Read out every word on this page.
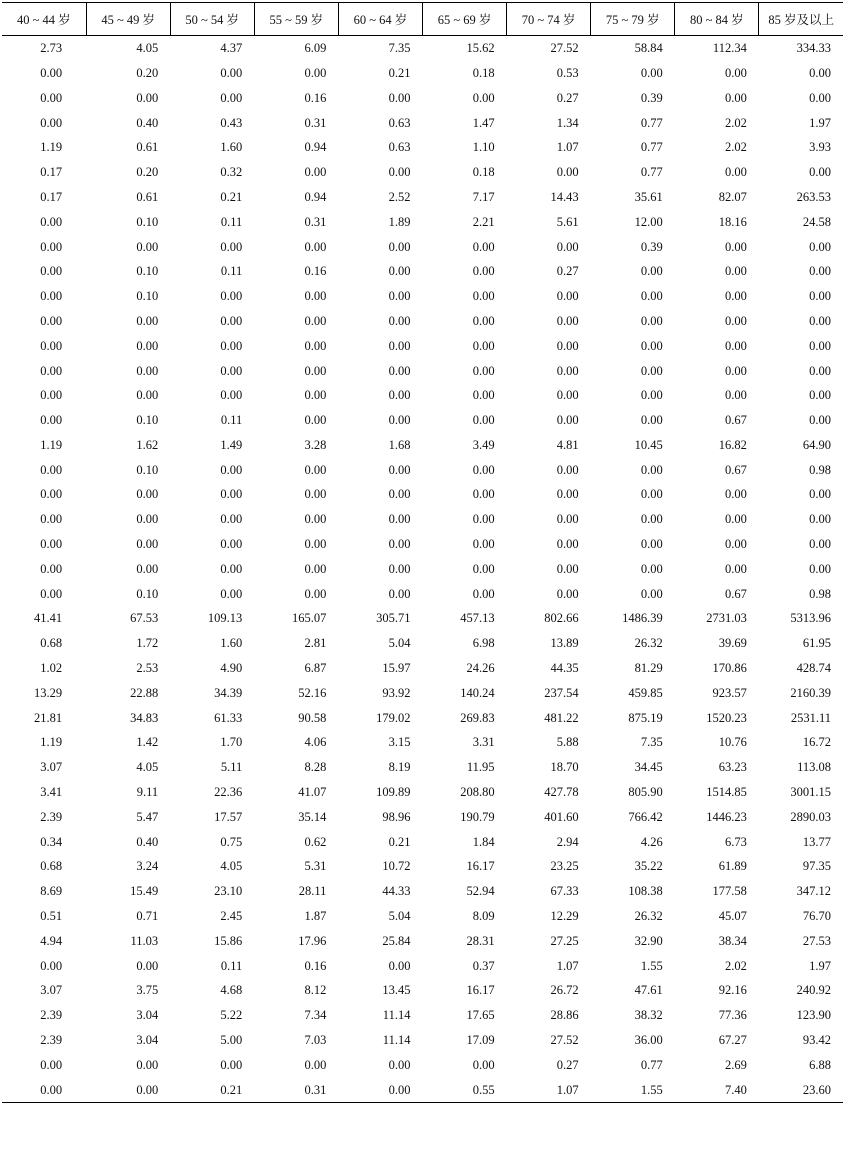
40 ~ 44 岁	45 ~ 49 岁	50 ~ 54 岁	55 ~ 59 岁	60 ~ 64 岁	65 ~ 69 岁	70 ~ 74 岁	75 ~ 79 岁	80 ~ 84 岁	85 岁及以上
2.73	4.05	4.37	6.09	7.35	15.62	27.52	58.84	112.34	334.33
0.00	0.20	0.00	0.00	0.21	0.18	0.53	0.00	0.00	0.00
0.00	0.00	0.00	0.16	0.00	0.00	0.27	0.39	0.00	0.00
0.00	0.40	0.43	0.31	0.63	1.47	1.34	0.77	2.02	1.97
1.19	0.61	1.60	0.94	0.63	1.10	1.07	0.77	2.02	3.93
0.17	0.20	0.32	0.00	0.00	0.18	0.00	0.77	0.00	0.00
0.17	0.61	0.21	0.94	2.52	7.17	14.43	35.61	82.07	263.53
0.00	0.10	0.11	0.31	1.89	2.21	5.61	12.00	18.16	24.58
0.00	0.00	0.00	0.00	0.00	0.00	0.00	0.39	0.00	0.00
0.00	0.10	0.11	0.16	0.00	0.00	0.27	0.00	0.00	0.00
0.00	0.10	0.00	0.00	0.00	0.00	0.00	0.00	0.00	0.00
0.00	0.00	0.00	0.00	0.00	0.00	0.00	0.00	0.00	0.00
0.00	0.00	0.00	0.00	0.00	0.00	0.00	0.00	0.00	0.00
0.00	0.00	0.00	0.00	0.00	0.00	0.00	0.00	0.00	0.00
0.00	0.00	0.00	0.00	0.00	0.00	0.00	0.00	0.00	0.00
0.00	0.10	0.11	0.00	0.00	0.00	0.00	0.00	0.67	0.00
1.19	1.62	1.49	3.28	1.68	3.49	4.81	10.45	16.82	64.90
0.00	0.10	0.00	0.00	0.00	0.00	0.00	0.00	0.67	0.98
0.00	0.00	0.00	0.00	0.00	0.00	0.00	0.00	0.00	0.00
0.00	0.00	0.00	0.00	0.00	0.00	0.00	0.00	0.00	0.00
0.00	0.00	0.00	0.00	0.00	0.00	0.00	0.00	0.00	0.00
0.00	0.00	0.00	0.00	0.00	0.00	0.00	0.00	0.00	0.00
0.00	0.10	0.00	0.00	0.00	0.00	0.00	0.00	0.67	0.98
41.41	67.53	109.13	165.07	305.71	457.13	802.66	1486.39	2731.03	5313.96
0.68	1.72	1.60	2.81	5.04	6.98	13.89	26.32	39.69	61.95
1.02	2.53	4.90	6.87	15.97	24.26	44.35	81.29	170.86	428.74
13.29	22.88	34.39	52.16	93.92	140.24	237.54	459.85	923.57	2160.39
21.81	34.83	61.33	90.58	179.02	269.83	481.22	875.19	1520.23	2531.11
1.19	1.42	1.70	4.06	3.15	3.31	5.88	7.35	10.76	16.72
3.07	4.05	5.11	8.28	8.19	11.95	18.70	34.45	63.23	113.08
3.41	9.11	22.36	41.07	109.89	208.80	427.78	805.90	1514.85	3001.15
2.39	5.47	17.57	35.14	98.96	190.79	401.60	766.42	1446.23	2890.03
0.34	0.40	0.75	0.62	0.21	1.84	2.94	4.26	6.73	13.77
0.68	3.24	4.05	5.31	10.72	16.17	23.25	35.22	61.89	97.35
8.69	15.49	23.10	28.11	44.33	52.94	67.33	108.38	177.58	347.12
0.51	0.71	2.45	1.87	5.04	8.09	12.29	26.32	45.07	76.70
4.94	11.03	15.86	17.96	25.84	28.31	27.25	32.90	38.34	27.53
0.00	0.00	0.11	0.16	0.00	0.37	1.07	1.55	2.02	1.97
3.07	3.75	4.68	8.12	13.45	16.17	26.72	47.61	92.16	240.92
2.39	3.04	5.22	7.34	11.14	17.65	28.86	38.32	77.36	123.90
2.39	3.04	5.00	7.03	11.14	17.09	27.52	36.00	67.27	93.42
0.00	0.00	0.00	0.00	0.00	0.00	0.27	0.77	2.69	6.88
0.00	0.00	0.21	0.31	0.00	0.55	1.07	1.55	7.40	23.60
